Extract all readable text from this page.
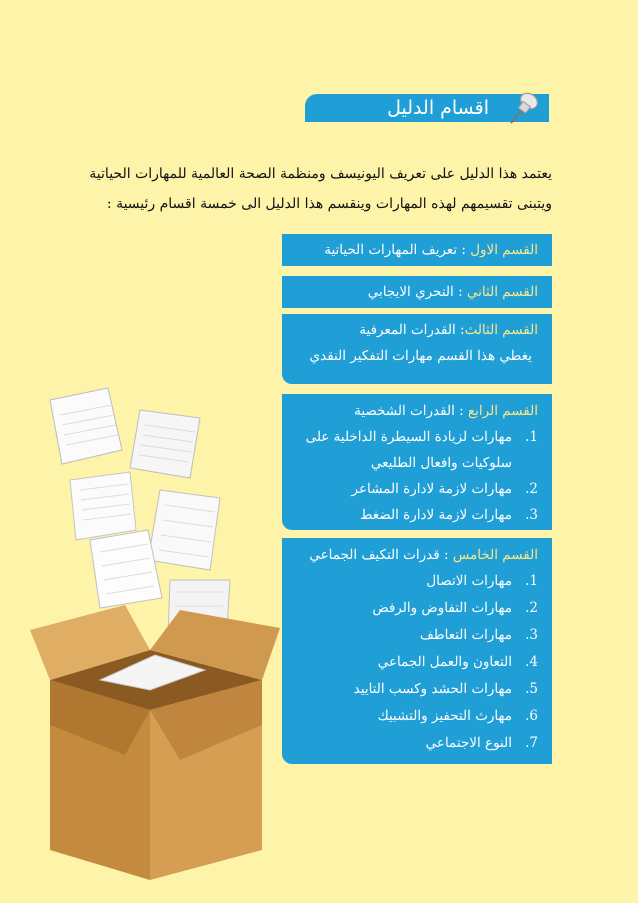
اقسام الدليل
يعتمد هذا الدليل على تعريف اليونيسف ومنظمة الصحة العالمية للمهارات الحياتية
ويتبنى تقسيمهم لهذه المهارات وينقسم هذا الدليل الى خمسة اقسام رئيسية :
القسم الاول : تعريف المهارات الحياتية
القسم الثاني : التحري الايجابي
القسم الثالث: القدرات المعرفية
يغطي هذا القسم مهارات التفكير النقدي
القسم الرابع : القدرات الشخصية
1.مهارات لزيادة السيطرة الداخلية على
سلوكيات وافعال الطليعي
2.مهارات لازمة لادارة المشاعر
3.مهارات لازمة لادارة الضغط
القسم الخامس : قدرات التكيف الجماعي
1.مهارات الاتصال
2.مهارات التفاوض والرفض
3.مهارات التعاطف
4.التعاون والعمل الجماعي
5.مهارات الحشد وكسب التاييد
6.مهارث التحفيز والتشبيك
7.النوع الاجتماعي
